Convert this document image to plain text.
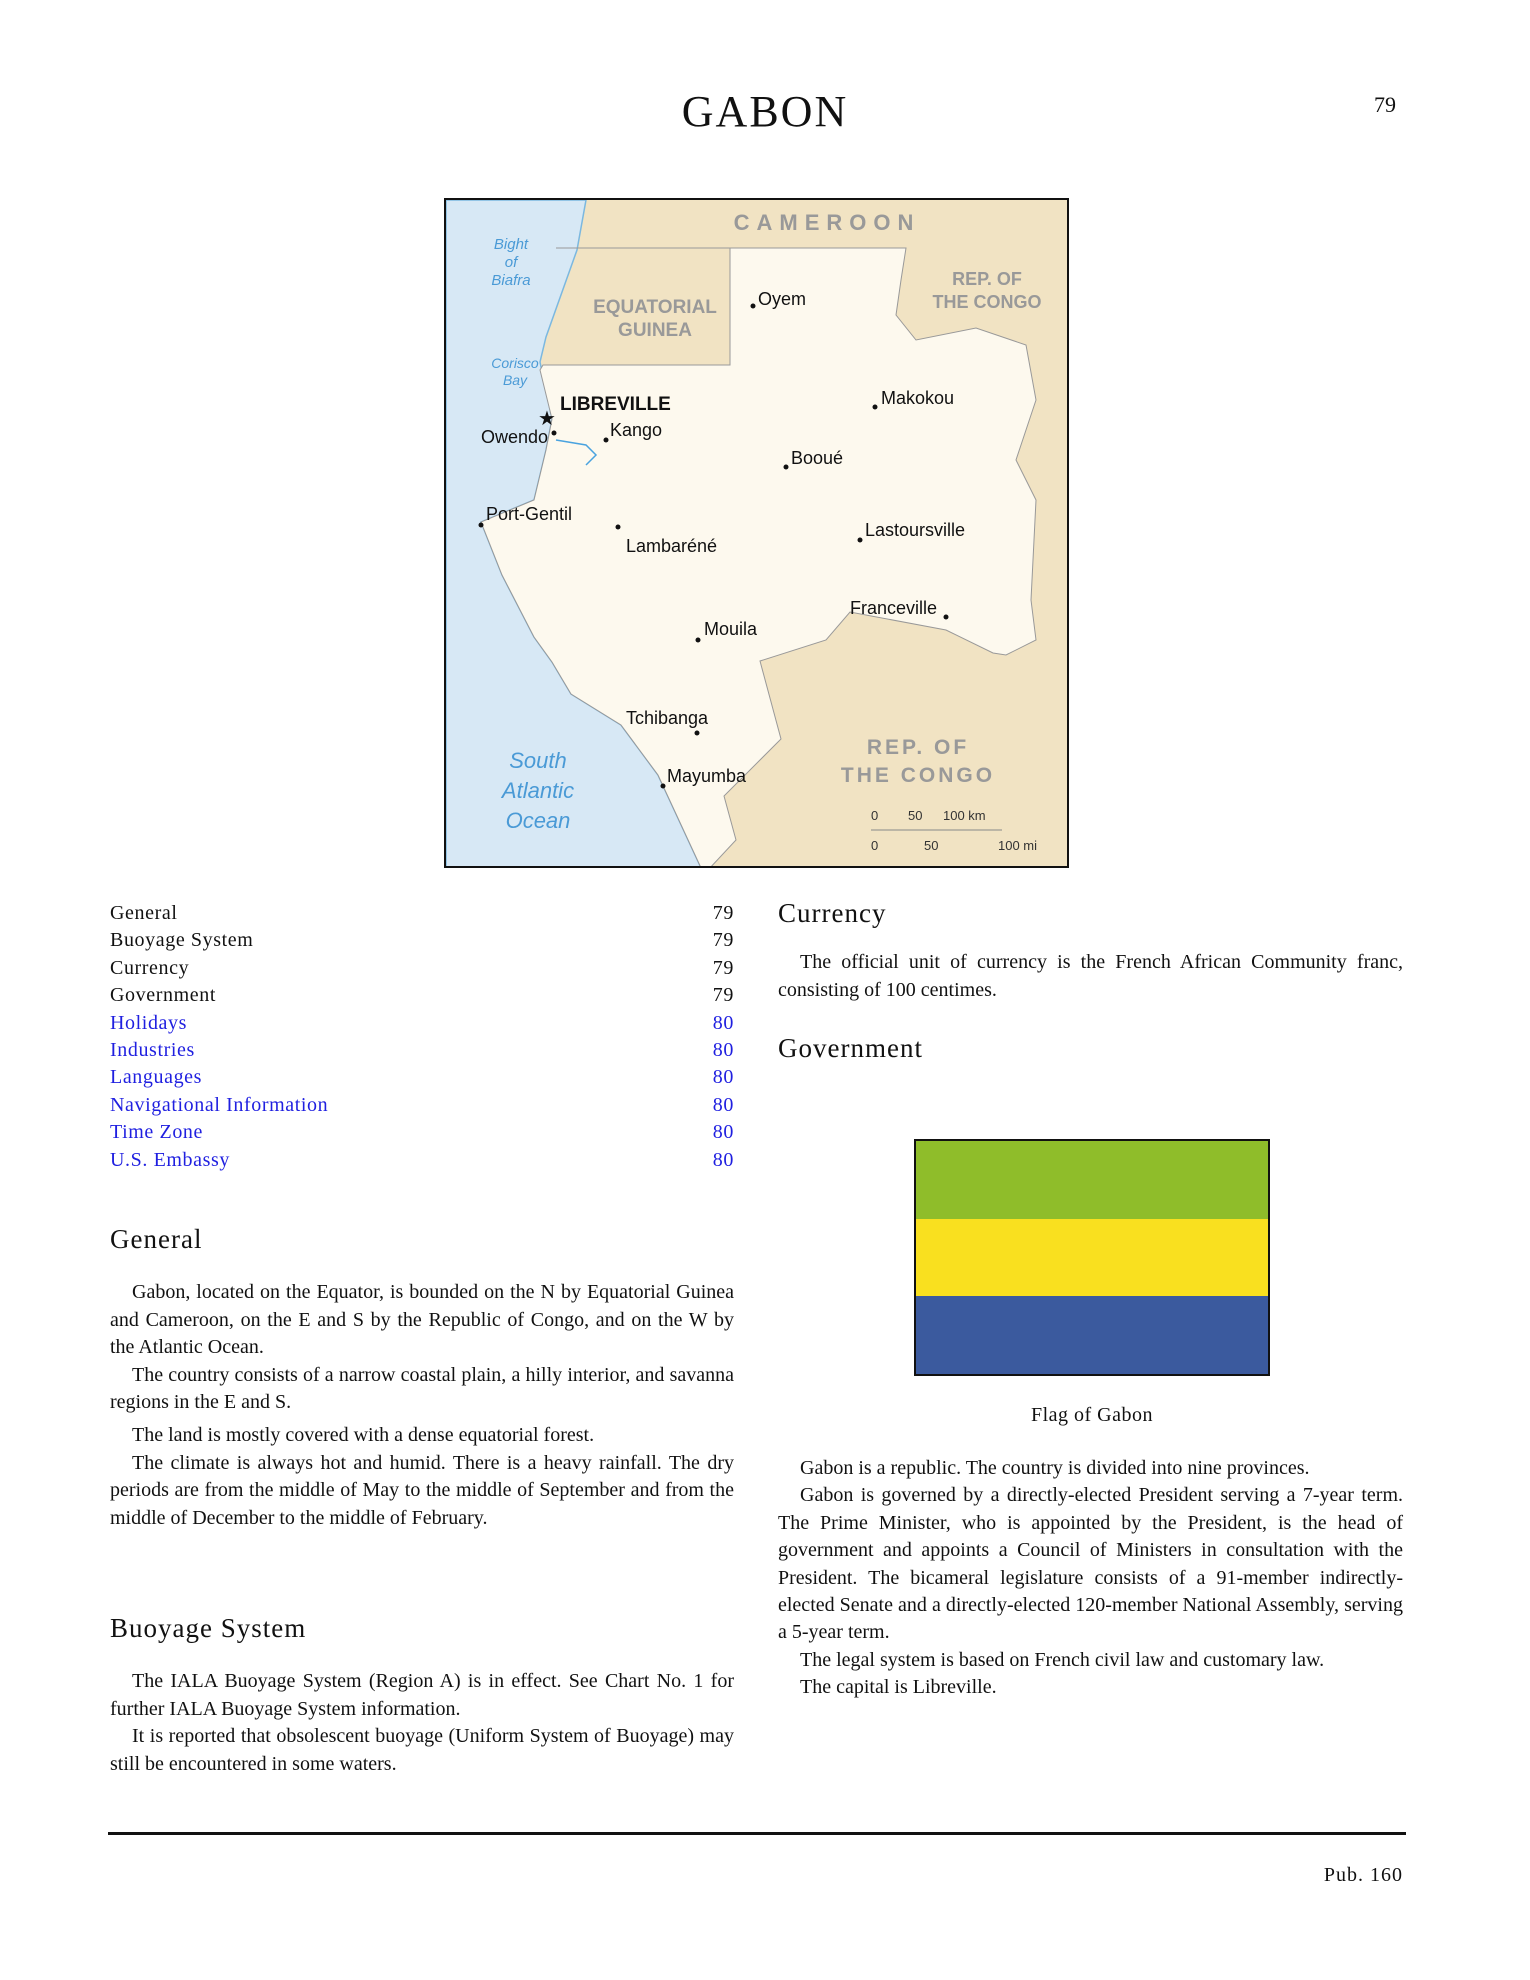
GABON	79
CAMEROON
EQUATORIAL
GUINEA
REP. OF
THE CONGO
REP. OF
THE CONGO
Bight
of
Biafra
Corisco
Bay
South
Atlantic
Ocean
★
LIBREVILLE
Owendo	Kango
Oyem
Makokou
Booué
Port-Gentil
Lambaréné
Lastoursville
Franceville
Mouila
Tchibanga
Mayumba
0 50 100 km
0	50	100 mi
General	79
Buoyage System	79
Currency	79
Government	79
Holidays	80
Industries	80
Languages	80
Navigational Information	80
Time Zone	80
U.S. Embassy	80
General

Gabon, located on the Equator, is bounded on the N by Equatorial Guinea and Cameroon, on the E and S by the Republic of Congo, and on the W by the Atlantic Ocean.

The country consists of a narrow coastal plain, a hilly interior, and savanna regions in the E and S.

The land is mostly covered with a dense equatorial forest.

The climate is always hot and humid. There is a heavy rainfall. The dry periods are from the middle of May to the middle of September and from the middle of December to the middle of February.

Buoyage System

The IALA Buoyage System (Region A) is in effect. See Chart No. 1 for further IALA Buoyage System information.

It is reported that obsolescent buoyage (Uniform System of Buoyage) may still be encountered in some waters.

Currency

The official unit of currency is the French African Community franc, consisting of 100 centimes.

Government
Flag of Gabon

Gabon is a republic. The country is divided into nine provinces.

Gabon is governed by a directly-elected President serving a 7-year term. The Prime Minister, who is appointed by the President, is the head of government and appoints a Council of Ministers in consultation with the President. The bicameral legislature consists of a 91-member indirectly-elected Senate and a directly-elected 120-member National Assembly, serving a 5-year term.

The legal system is based on French civil law and customary law.

The capital is Libreville.

Pub. 160
